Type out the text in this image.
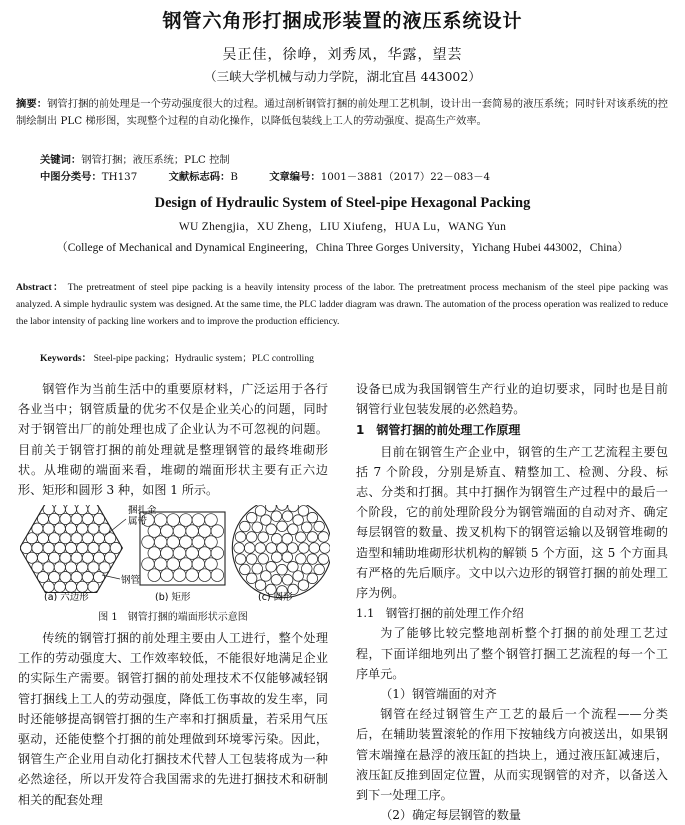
钢管六角形打捆成形装置的液压系统设计
吴正佳，徐峥，刘秀凤，华露，望芸
（三峡大学机械与动力学院，湖北宜昌 443002）
摘要：钢管打捆的前处理是一个劳动强度很大的过程。通过剖析钢管打捆的前处理工艺机制，设计出一套简易的液压系统；同时针对该系统的控制绘制出 PLC 梯形图，实现整个过程的自动化操作，以降低包装线上工人的劳动强度、提高生产效率。
关键词：钢管打捆；液压系统；PLC 控制
中图分类号：TH137	文献标志码：B	文章编号：1001－3881（2017）22－083－4
Design of Hydraulic System of Steel-pipe Hexagonal Packing
WU Zhengjia，XU Zheng，LIU Xiufeng，HUA Lu，WANG Yun
（College of Mechanical and Dynamical Engineering，China Three Gorges University，Yichang Hubei 443002，China）
Abstract： The pretreatment of steel pipe packing is a heavily intensity process of the labor. The pretreatment process mechanism of the steel pipe packing was analyzed. A simple hydraulic system was designed. At the same time, the PLC ladder diagram was drawn. The automation of the process operation was realized to reduce the labor intensity of packing line workers and to improve the production efficiency.
Keywords： Steel-pipe packing；Hydraulic system；PLC controlling

钢管作为当前生活中的重要原材料，广泛运用于各行各业当中；钢管质量的优劣不仅是企业关心的问题，同时对于钢管出厂的前处理也成了企业认为不可忽视的问题。目前关于钢管打捆的前处理就是整理钢管的最终堆砌形状。从堆砌的端面来看，堆砌的端面形状主要有正六边形、矩形和圆形 3 种，如图 1 所示。

捆扎金属带
钢管
(a) 六边形	(b) 矩形	(c) 圆形
图 1　钢管打捆的端面形状示意图

传统的钢管打捆的前处理主要由人工进行，整个处理工作的劳动强度大、工作效率较低，不能很好地满足企业的实际生产需要。钢管打捆的前处理技术不仅能够减轻钢管打捆线上工人的劳动强度，降低工伤事故的发生率，同时还能够提高钢管打捆的生产率和打捆质量，若采用气压驱动，还能使整个打捆的前处理做到环境零污染。因此，钢管生产企业用自动化打捆技术代替人工包装将成为一种必然途径，所以开发符合我国需求的先进打捆技术和研制相关的配套处理

设备已成为我国钢管生产行业的迫切要求，同时也是目前钢管行业包装发展的必然趋势。

1　钢管打捆的前处理工作原理

目前在钢管生产企业中，钢管的生产工艺流程主要包括 7 个阶段，分别是矫直、精整加工、检测、分段、标志、分类和打捆。其中打捆作为钢管生产过程中的最后一个阶段，它的前处理阶段分为钢管端面的自动对齐、确定每层钢管的数量、拨叉机构下的钢管运输以及钢管堆砌的造型和辅助堆砌形状机构的解锁 5 个方面，这 5 个方面具有严格的先后顺序。文中以六边形的钢管打捆的前处理工序为例。

1.1　钢管打捆的前处理工作介绍

为了能够比较完整地剖析整个打捆的前处理工艺过程，下面详细地列出了整个钢管打捆工艺流程的每一个工序单元。

（1）钢管端面的对齐

钢管在经过钢管生产工艺的最后一个流程——分类后，在辅助装置滚轮的作用下按轴线方向被送出，如果钢管末端撞在悬浮的液压缸的挡块上，通过液压缸减速后，液压缸反推到固定位置，从而实现钢管的对齐，以备送入到下一处理工序。

（2）确定每层钢管的数量
